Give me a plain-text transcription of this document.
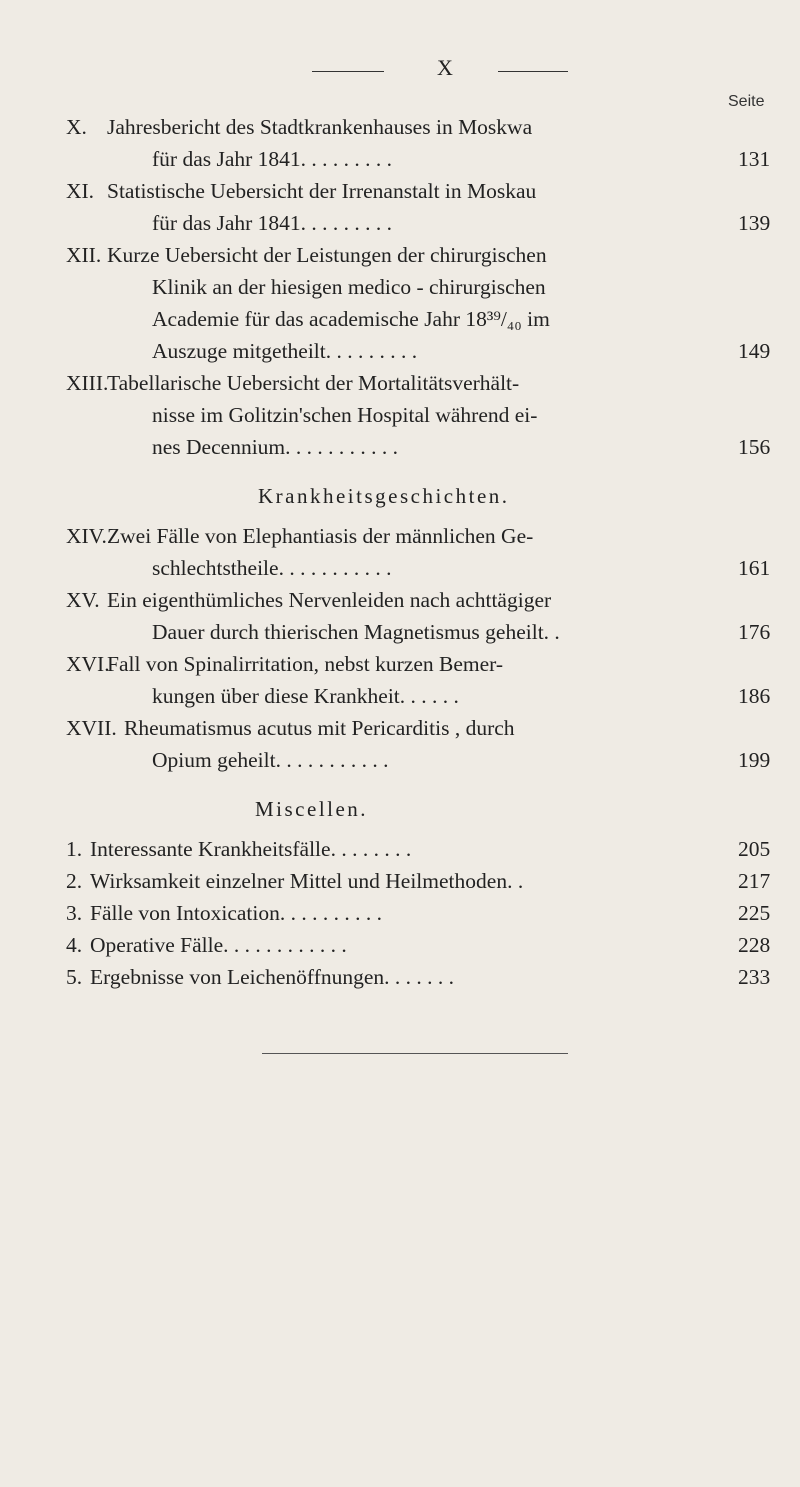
X
Seite
X. Jahresbericht des Stadtkrankenhauses in Moskwa
für das Jahr 1841. . . . . . . . .	131
XI. Statistische Uebersicht der Irrenanstalt in Moskau
für das Jahr 1841. . . . . . . . .	139
XII. Kurze Uebersicht der Leistungen der chirurgischen
Klinik an der hiesigen medico - chirurgischen
Academie für das academische Jahr 18³⁹/₄₀ im
Auszuge mitgetheilt. . . . . . . . .	149
XIII.
Tabellarische Uebersicht der Mortalitätsverhält-
nisse im Golitzin'schen Hospital während ei-
nes Decennium. . . . . . . . . . .	156
Krankheitsgeschichten.
XIV. Zwei Fälle von Elephantiasis der männlichen Ge-
schlechtstheile. . . . . . . . . . .	161
XV. Ein eigenthümliches Nervenleiden nach achttägiger
Dauer durch thierischen Magnetismus geheilt. .	176
XVI.
Fall von Spinalirritation, nebst kurzen Bemer-
kungen über diese Krankheit. . . . . .	186
XVII. Rheumatismus acutus mit Pericarditis , durch
Opium geheilt. . . . . . . . . . .	199
Miscellen.
1. Interessante Krankheitsfälle. . . . . . . .	205
2. Wirksamkeit einzelner Mittel und Heilmethoden. .	217
3. Fälle von Intoxication. . . . . . . . . .	225
4. Operative Fälle. . . . . . . . . . . .	228
5. Ergebnisse von Leichenöffnungen. . . . . . .	233
